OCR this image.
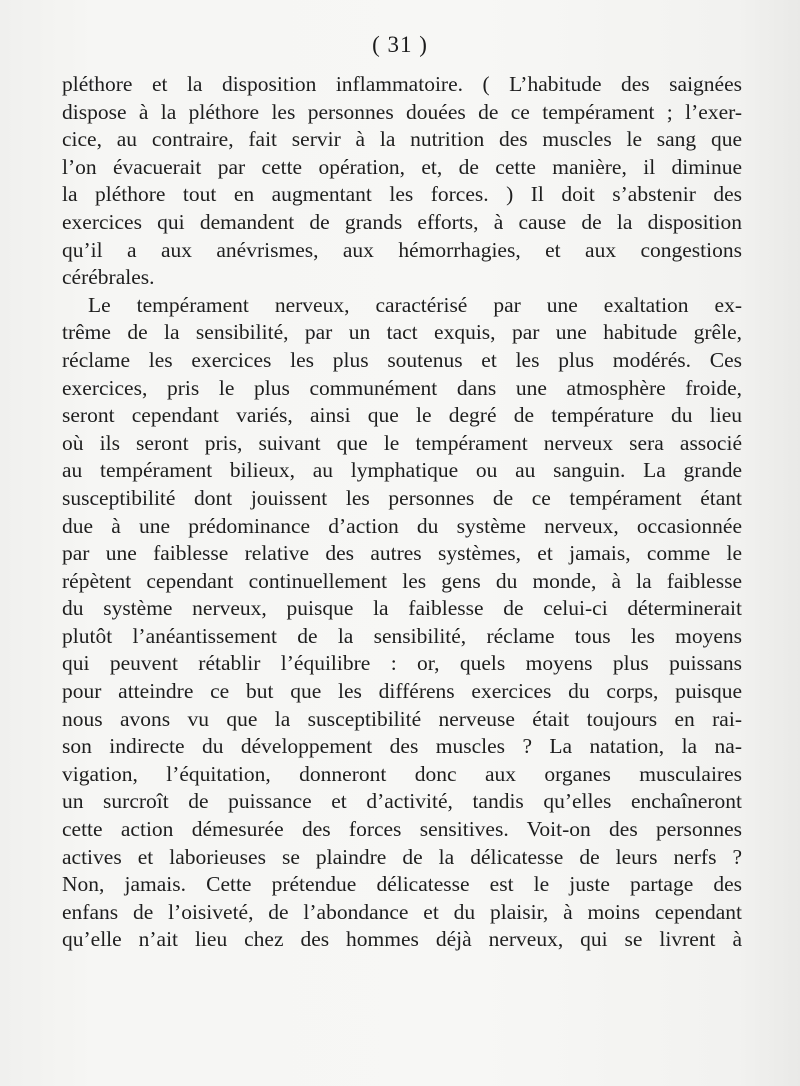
( 31 )
pléthore et la disposition inflammatoire. ( L’habitude des saignées
dispose à la pléthore les personnes douées de ce tempérament ; l’exer-
cice, au contraire, fait servir à la nutrition des muscles le sang que
l’on évacuerait par cette opération, et, de cette manière, il diminue
la pléthore tout en augmentant les forces. ) Il doit s’abstenir des
exercices qui demandent de grands efforts, à cause de la disposition
qu’il a aux anévrismes, aux hémorrhagies, et aux congestions
cérébrales.
Le tempérament nerveux, caractérisé par une exaltation ex-
trême de la sensibilité, par un tact exquis, par une habitude grêle,
réclame les exercices les plus soutenus et les plus modérés. Ces
exercices, pris le plus communément dans une atmosphère froide,
seront cependant variés, ainsi que le degré de température du lieu
où ils seront pris, suivant que le tempérament nerveux sera associé
au tempérament bilieux, au lymphatique ou au sanguin. La grande
susceptibilité dont jouissent les personnes de ce tempérament étant
due à une prédominance d’action du système nerveux, occasionnée
par une faiblesse relative des autres systèmes, et jamais, comme le
répètent cependant continuellement les gens du monde, à la faiblesse
du système nerveux, puisque la faiblesse de celui-ci déterminerait
plutôt l’anéantissement de la sensibilité, réclame tous les moyens
qui peuvent rétablir l’équilibre : or, quels moyens plus puissans
pour atteindre ce but que les différens exercices du corps, puisque
nous avons vu que la susceptibilité nerveuse était toujours en rai-
son indirecte du développement des muscles ? La natation, la na-
vigation, l’équitation, donneront donc aux organes musculaires
un surcroît de puissance et d’activité, tandis qu’elles enchaîneront
cette action démesurée des forces sensitives. Voit-on des personnes
actives et laborieuses se plaindre de la délicatesse de leurs nerfs ?
Non, jamais. Cette prétendue délicatesse est le juste partage des
enfans de l’oisiveté, de l’abondance et du plaisir, à moins cependant
qu’elle n’ait lieu chez des hommes déjà nerveux, qui se livrent à
